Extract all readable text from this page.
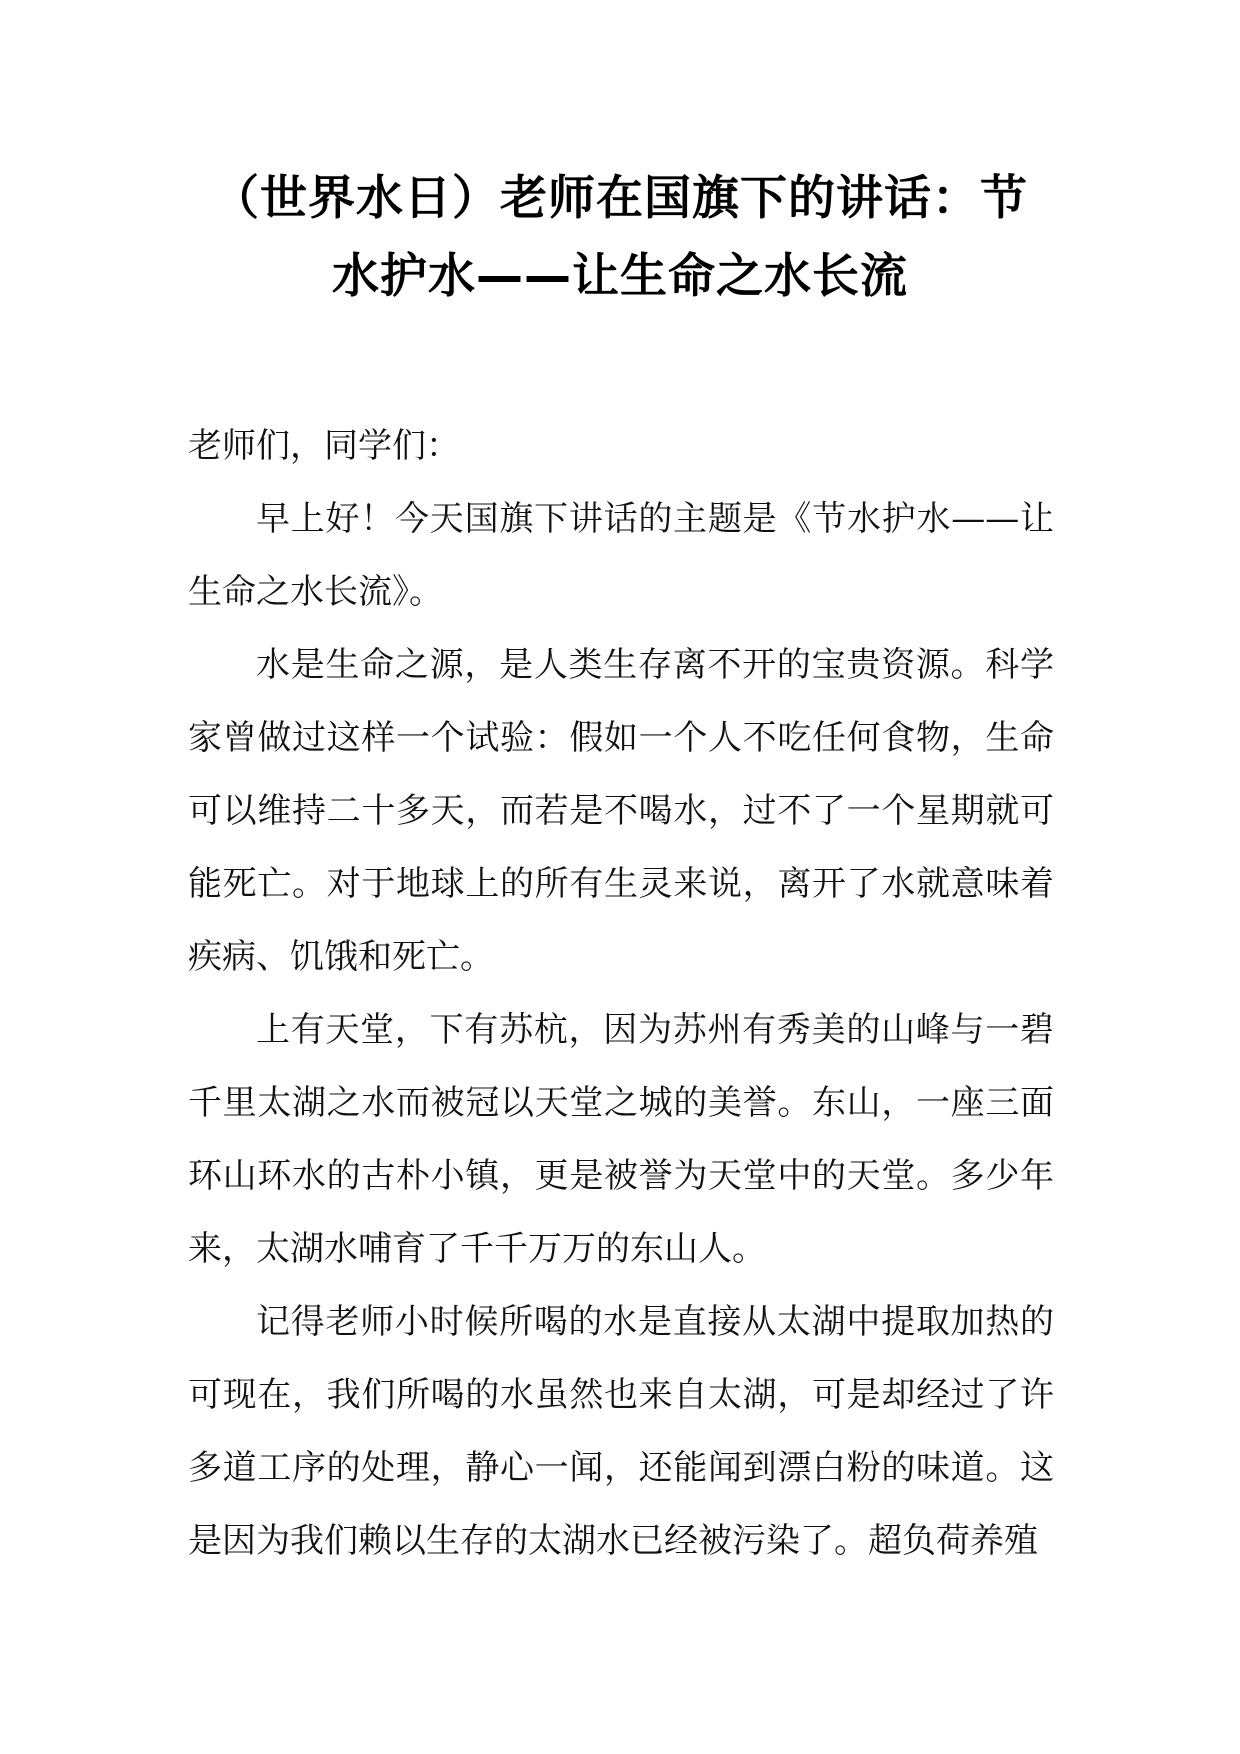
（世界水日）老师在国旗下的讲话：节水护水——让生命之水长流

老师们，同学们：

早上好！今天国旗下讲话的主题是《节水护水——让生命之水长流》。

水是生命之源，是人类生存离不开的宝贵资源。科学家曾做过这样一个试验：假如一个人不吃任何食物，生命可以维持二十多天，而若是不喝水，过不了一个星期就可能死亡。对于地球上的所有生灵来说，离开了水就意味着疾病、饥饿和死亡。

上有天堂，下有苏杭，因为苏州有秀美的山峰与一碧千里太湖之水而被冠以天堂之城的美誉。东山，一座三面环山环水的古朴小镇，更是被誉为天堂中的天堂。多少年来，太湖水哺育了千千万万的东山人。

记得老师小时候所喝的水是直接从太湖中提取加热的可现在，我们所喝的水虽然也来自太湖，可是却经过了许多道工序的处理，静心一闻，还能闻到漂白粉的味道。这是因为我们赖以生存的太湖水已经被污染了。超负荷养殖
